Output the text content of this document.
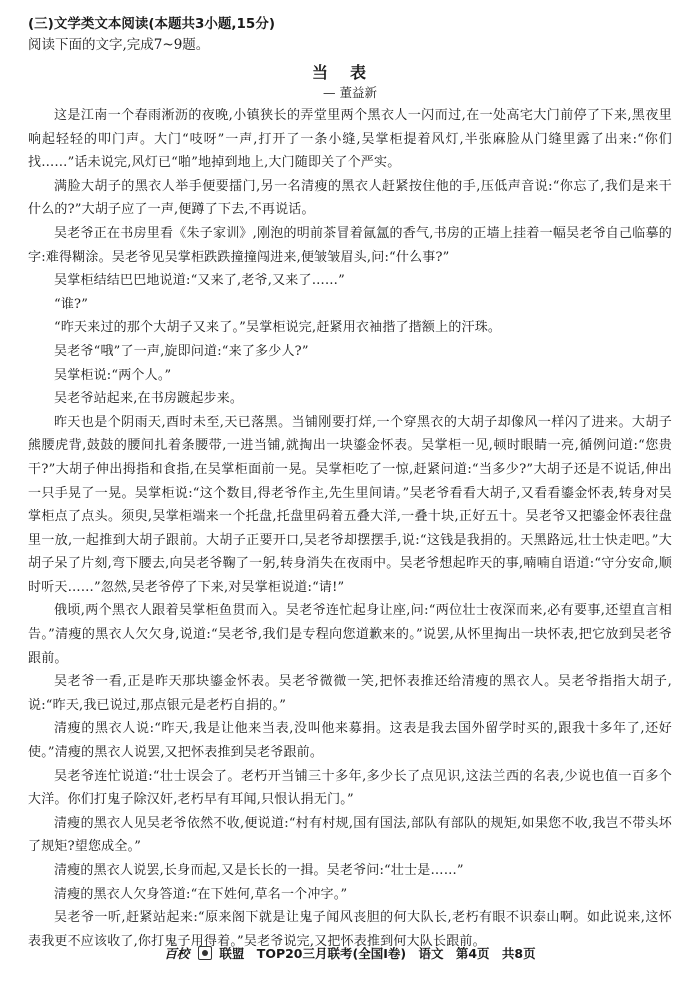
(三)文学类文本阅读(本题共3小题,15分)
阅读下面的文字,完成7~9题。
当表
— 董益新

这是江南一个春雨淅沥的夜晚,小镇狭长的弄堂里两个黑衣人一闪而过,在一处高宅大门前停了下来,黑夜里响起轻轻的叩门声。大门“吱呀”一声,打开了一条小缝,吴掌柜提着风灯,半张麻脸从门缝里露了出来:“你们找……”话未说完,风灯已“啪”地掉到地上,大门随即关了个严实。

满脸大胡子的黑衣人举手便要擂门,另一名清瘦的黑衣人赶紧按住他的手,压低声音说:“你忘了,我们是来干什么的?”大胡子应了一声,便蹲了下去,不再说话。

吴老爷正在书房里看《朱子家训》,刚泡的明前茶冒着氤氲的香气,书房的正墙上挂着一幅吴老爷自己临摹的字:难得糊涂。吴老爷见吴掌柜跌跌撞撞闯进来,便皱皱眉头,问:“什么事?”

吴掌柜结结巴巴地说道:“又来了,老爷,又来了……”

“谁?”

“昨天来过的那个大胡子又来了。”吴掌柜说完,赶紧用衣袖揩了揩额上的汗珠。

吴老爷“哦”了一声,旋即问道:“来了多少人?”

吴掌柜说:“两个人。”

吴老爷站起来,在书房踱起步来。

昨天也是个阴雨天,酉时未至,天已落黑。当铺刚要打烊,一个穿黑衣的大胡子却像风一样闪了进来。大胡子熊腰虎背,鼓鼓的腰间扎着条腰带,一进当铺,就掏出一块鎏金怀表。吴掌柜一见,顿时眼睛一亮,循例问道:“您贵干?”大胡子伸出拇指和食指,在吴掌柜面前一晃。吴掌柜吃了一惊,赶紧问道:“当多少?”大胡子还是不说话,伸出一只手晃了一晃。吴掌柜说:“这个数目,得老爷作主,先生里间请。”吴老爷看看大胡子,又看看鎏金怀表,转身对吴掌柜点了点头。须臾,吴掌柜端来一个托盘,托盘里码着五叠大洋,一叠十块,正好五十。吴老爷又把鎏金怀表往盘里一放,一起推到大胡子跟前。大胡子正要开口,吴老爷却摆摆手,说:“这钱是我捐的。天黑路远,壮士快走吧。”大胡子呆了片刻,弯下腰去,向吴老爷鞠了一躬,转身消失在夜雨中。吴老爷想起昨天的事,喃喃自语道:“守分安命,顺时听天……”忽然,吴老爷停了下来,对吴掌柜说道:“请!”

俄顷,两个黑衣人跟着吴掌柜鱼贯而入。吴老爷连忙起身让座,问:“两位壮士夜深而来,必有要事,还望直言相告。”清瘦的黑衣人欠欠身,说道:“吴老爷,我们是专程向您道歉来的。”说罢,从怀里掏出一块怀表,把它放到吴老爷跟前。

吴老爷一看,正是昨天那块鎏金怀表。吴老爷微微一笑,把怀表推还给清瘦的黑衣人。吴老爷指指大胡子,说:“昨天,我已说过,那点银元是老朽自捐的。”

清瘦的黑衣人说:“昨天,我是让他来当表,没叫他来募捐。这表是我去国外留学时买的,跟我十多年了,还好使。”清瘦的黑衣人说罢,又把怀表推到吴老爷跟前。

吴老爷连忙说道:“壮士误会了。老朽开当铺三十多年,多少长了点见识,这法兰西的名表,少说也值一百多个大洋。你们打鬼子除汉奸,老朽早有耳闻,只恨认捐无门。”

清瘦的黑衣人见吴老爷依然不收,便说道:“村有村规,国有国法,部队有部队的规矩,如果您不收,我岂不带头坏了规矩?望您成全。”

清瘦的黑衣人说罢,长身而起,又是长长的一揖。吴老爷问:“壮士是……”

清瘦的黑衣人欠身答道:“在下姓何,草名一个冲字。”

吴老爷一听,赶紧站起来:“原来阁下就是让鬼子闻风丧胆的何大队长,老朽有眼不识泰山啊。如此说来,这怀表我更不应该收了,你打鬼子用得着。”吴老爷说完,又把怀表推到何大队长跟前。

百校 联盟 TOP20三月联考(全国Ⅰ卷) 语文 第4页 共8页
